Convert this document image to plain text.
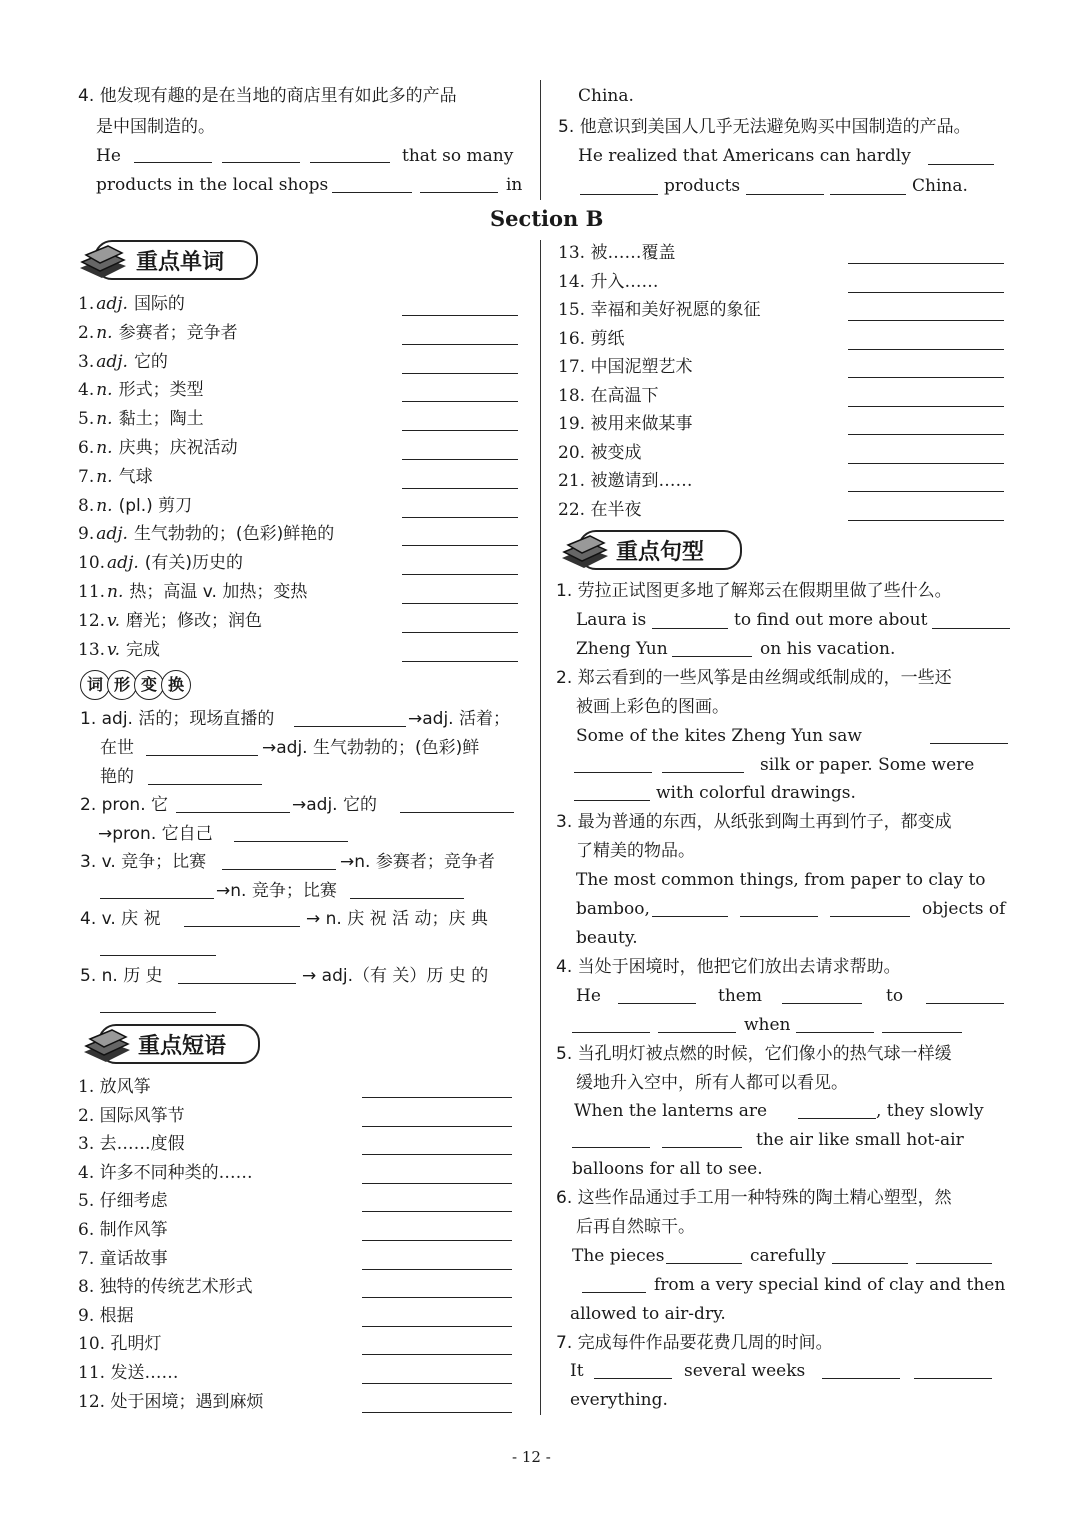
4. 他发现有趣的是在当地的商店里有如此多的产品
是中国制造的。
He	that so many
products in the local shops	in
China.
5. 他意识到美国人几乎无法避免购买中国制造的产品。
He realized that Americans can hardly
products	China.
Section B
重点单词
1. adj. 国际的
2. n. 参赛者；竞争者
3. adj. 它的
4. n. 形式；类型
5. n. 黏土；陶土
6. n. 庆典；庆祝活动
7. n. 气球
8. n. (pl.) 剪刀
9. adj. 生气勃勃的；(色彩)鲜艳的
10. adj. (有关)历史的
11. n. 热；高温 v. 加热；变热
12. v. 磨光；修改；润色
13. v. 完成
词 形 变 换
1. adj. 活的；现场直播的	→adj. 活着；
在世	→adj. 生气勃勃的；(色彩)鲜
艳的
2. pron. 它	→adj. 它的
→pron. 它自己
3. v. 竞争；比赛	→n. 参赛者；竞争者
→n. 竞争；比赛
4. v. 庆 祝	→ n. 庆 祝 活 动；庆 典
5. n. 历 史	→ adj.（有 关）历 史 的
重点短语
1. 放风筝
2. 国际风筝节
3. 去……度假
4. 许多不同种类的……
5. 仔细考虑
6. 制作风筝
7. 童话故事
8. 独特的传统艺术形式
9. 根据
10. 孔明灯
11. 发送……
12. 处于困境；遇到麻烦
13. 被……覆盖
14. 升入……
15. 幸福和美好祝愿的象征
16. 剪纸
17. 中国泥塑艺术
18. 在高温下
19. 被用来做某事
20. 被变成
21. 被邀请到……
22. 在半夜
重点句型
1. 劳拉正试图更多地了解郑云在假期里做了些什么。
Laura is	to find out more about
Zheng Yun	on his vacation.
2. 郑云看到的一些风筝是由丝绸或纸制成的，一些还
被画上彩色的图画。
Some of the kites Zheng Yun saw
silk or paper. Some were
with colorful drawings.
3. 最为普通的东西，从纸张到陶土再到竹子，都变成
了精美的物品。
The most common things, from paper to clay to
bamboo,	objects of
beauty.
4. 当处于困境时，他把它们放出去请求帮助。
He	them	to
when
5. 当孔明灯被点燃的时候，它们像小的热气球一样缓
缓地升入空中，所有人都可以看见。
When the lanterns are	, they slowly
the air like small hot-air
balloons for all to see.
6. 这些作品通过手工用一种特殊的陶土精心塑型，然
后再自然晾干。
The pieces	carefully
from a very special kind of clay and then
allowed to air-dry.
7. 完成每件作品要花费几周的时间。
It	several weeks
everything.
- 12 -
